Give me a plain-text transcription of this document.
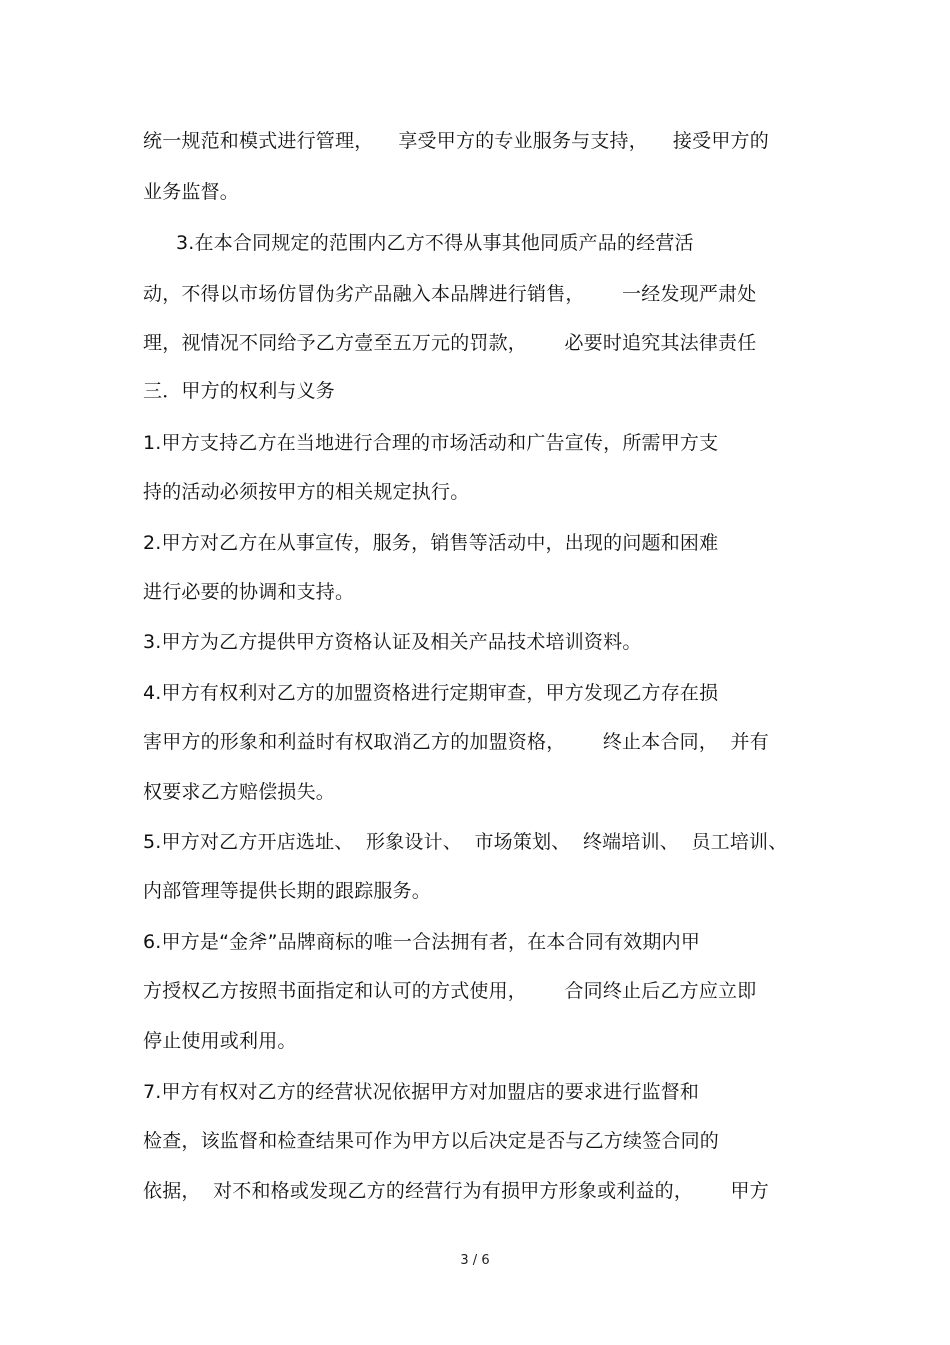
统一规范和模式进行管理，    享受甲方的专业服务与支持，    接受甲方的
业务监督。
3.在本合同规定的范围内乙方不得从事其他同质产品的经营活
动，不得以市场仿冒伪劣产品融入本品牌进行销售，      一经发现严肃处
理，视情况不同给予乙方壹至五万元的罚款，      必要时追究其法律责任
三．甲方的权利与义务
1.甲方支持乙方在当地进行合理的市场活动和广告宣传，所需甲方支
持的活动必须按甲方的相关规定执行。
2.甲方对乙方在从事宣传，服务，销售等活动中，出现的问题和困难
进行必要的协调和支持。
3.甲方为乙方提供甲方资格认证及相关产品技术培训资料。
4.甲方有权利对乙方的加盟资格进行定期审查，甲方发现乙方存在损
害甲方的形象和利益时有权取消乙方的加盟资格，      终止本合同，  并有
权要求乙方赔偿损失。
5.甲方对乙方开店选址、  形象设计、  市场策划、  终端培训、  员工培训、
内部管理等提供长期的跟踪服务。
6.甲方是“金斧”品牌商标的唯一合法拥有者，在本合同有效期内甲
方授权乙方按照书面指定和认可的方式使用，      合同终止后乙方应立即
停止使用或利用。
7.甲方有权对乙方的经营状况依据甲方对加盟店的要求进行监督和
检查，该监督和检查结果可作为甲方以后决定是否与乙方续签合同的
依据，  对不和格或发现乙方的经营行为有损甲方形象或利益的，      甲方
3 / 6
